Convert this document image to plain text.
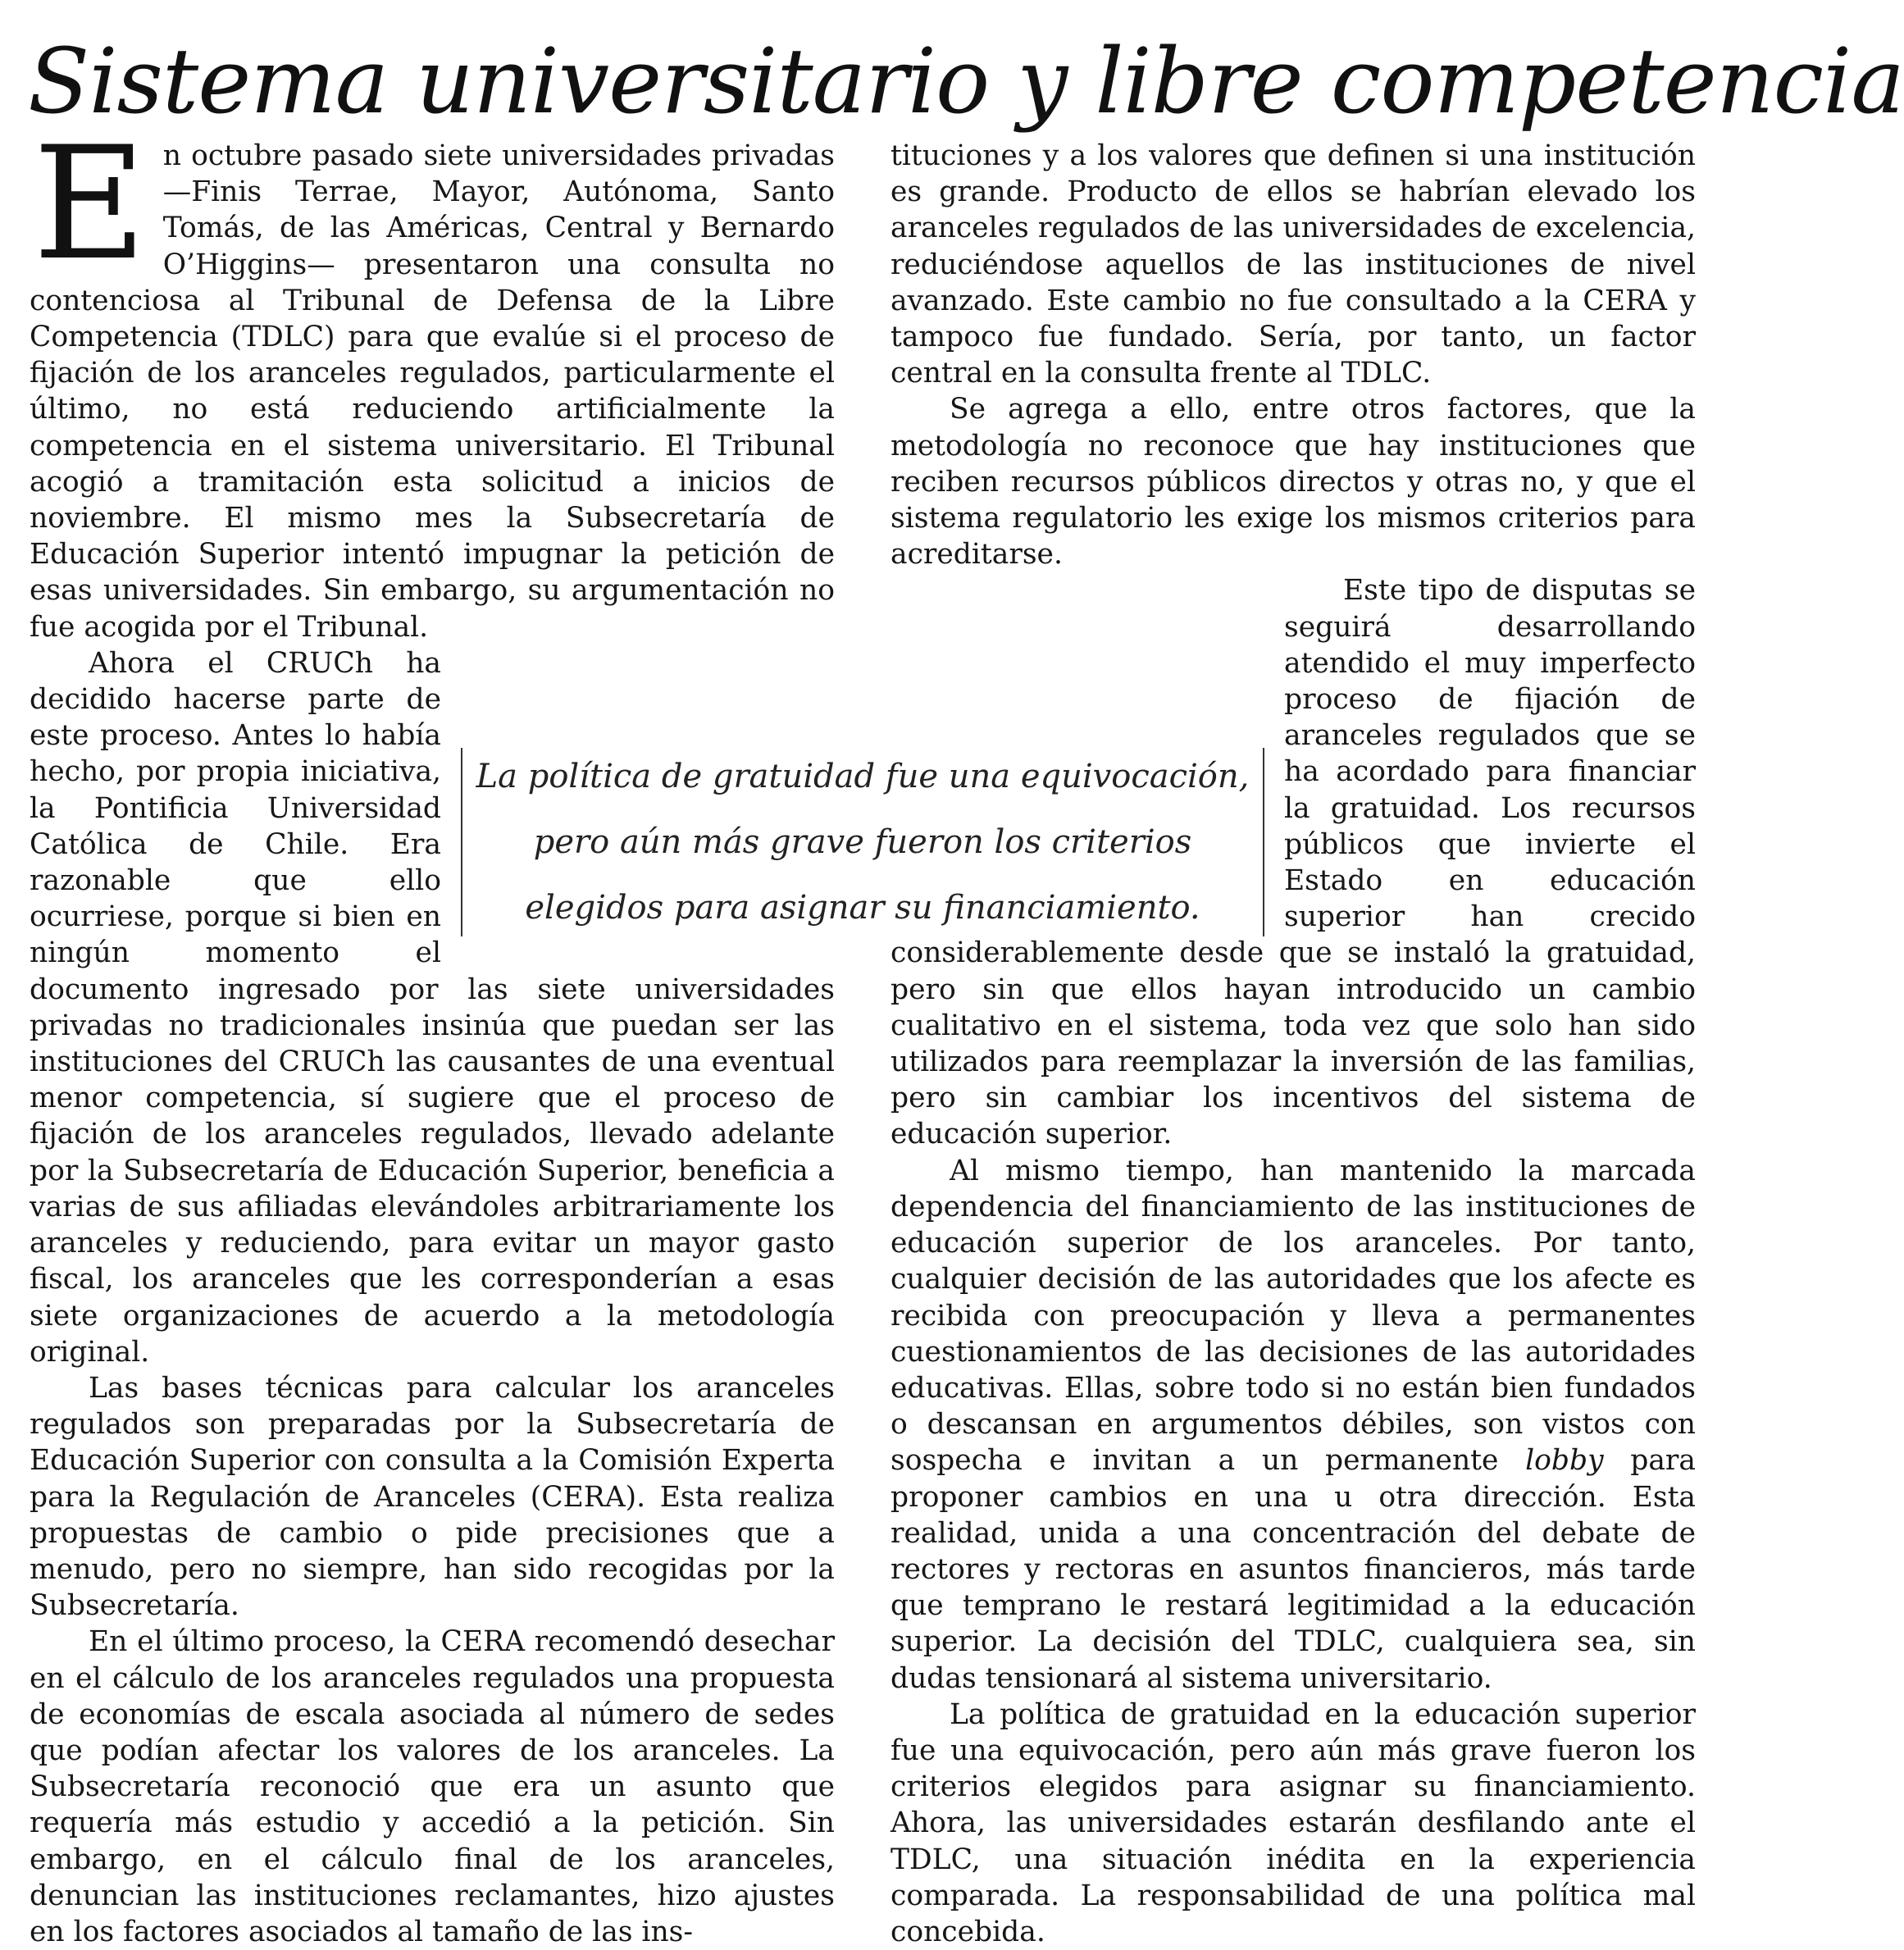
Sistema universitario y libre competencia

En octubre pasado siete universidades privadas —Finis Terrae, Mayor, Autónoma, Santo Tomás, de las Américas, Central y Bernardo O’Higgins— presentaron una consulta no contenciosa al Tribunal de Defensa de la Libre Competencia (TDLC) para que evalúe si el proceso de fijación de los aranceles regulados, particularmente el último, no está reduciendo artificialmente la competencia en el sistema universitario. El Tribunal acogió a tramitación esta solicitud a inicios de noviembre. El mismo mes la Subsecretaría de Educación Superior intentó impugnar la petición de esas universidades. Sin embargo, su argumentación no fue acogida por el Tribunal.

Ahora el CRUCh ha decidido hacerse parte de este proceso. Antes lo había hecho, por propia iniciativa, la Pontificia Universidad Católica de Chile. Era razonable que ello ocurriese, porque si bien en ningún momento el documento ingresado por las siete universidades privadas no tradicionales insinúa que puedan ser las instituciones del CRUCh las causantes de una eventual menor competencia, sí sugiere que el proceso de fijación de los aranceles regulados, llevado adelante por la Subsecretaría de Educación Superior, beneficia a varias de sus afiliadas elevándoles arbitrariamente los aranceles y reduciendo, para evitar un mayor gasto fiscal, los aranceles que les corresponderían a esas siete organizaciones de acuerdo a la metodología original.

Las bases técnicas para calcular los aranceles regulados son preparadas por la Subsecretaría de Educación Superior con consulta a la Comisión Experta para la Regulación de Aranceles (CERA). Esta realiza propuestas de cambio o pide precisiones que a menudo, pero no siempre, han sido recogidas por la Subsecretaría.

En el último proceso, la CERA recomendó desechar en el cálculo de los aranceles regulados una propuesta de economías de escala asociada al número de sedes que podían afectar los valores de los aranceles. La Subsecretaría reconoció que era un asunto que requería más estudio y accedió a la petición. Sin embargo, en el cálculo final de los aranceles, denuncian las instituciones reclamantes, hizo ajustes en los factores asociados al tamaño de las ins-

tituciones y a los valores que definen si una institución es grande. Producto de ellos se habrían elevado los aranceles regulados de las universidades de excelencia, reduciéndose aquellos de las instituciones de nivel avanzado. Este cambio no fue consultado a la CERA y tampoco fue fundado. Sería, por tanto, un factor central en la consulta frente al TDLC.

Se agrega a ello, entre otros factores, que la metodología no reconoce que hay instituciones que reciben recursos públicos directos y otras no, y que el sistema regulatorio les exige los mismos criterios para acreditarse.

Este tipo de disputas se seguirá desarrollando atendido el muy imperfecto proceso de fijación de aranceles regulados que se ha acordado para financiar la gratuidad. Los recursos públicos que invierte el Estado en educación superior han crecido considerablemente desde que se instaló la gratuidad, pero sin que ellos hayan introducido un cambio cualitativo en el sistema, toda vez que solo han sido utilizados para reemplazar la inversión de las familias, pero sin cambiar los incentivos del sistema de educación superior.

Al mismo tiempo, han mantenido la marcada dependencia del financiamiento de las instituciones de educación superior de los aranceles. Por tanto, cualquier decisión de las autoridades que los afecte es recibida con preocupación y lleva a permanentes cuestionamientos de las decisiones de las autoridades educativas. Ellas, sobre todo si no están bien fundados o descansan en argumentos débiles, son vistos con sospecha e invitan a un permanente lobby para proponer cambios en una u otra dirección. Esta realidad, unida a una concentración del debate de rectores y rectoras en asuntos financieros, más tarde que temprano le restará legitimidad a la educación superior. La decisión del TDLC, cualquiera sea, sin dudas tensionará al sistema universitario.

La política de gratuidad en la educación superior fue una equivocación, pero aún más grave fueron los criterios elegidos para asignar su financiamiento. Ahora, las universidades estarán desfilando ante el TDLC, una situación inédita en la experiencia comparada. La responsabilidad de una política mal concebida.

La política de gratuidad fue una equivocación,
pero aún más grave fueron los criterios
elegidos para asignar su financiamiento.
